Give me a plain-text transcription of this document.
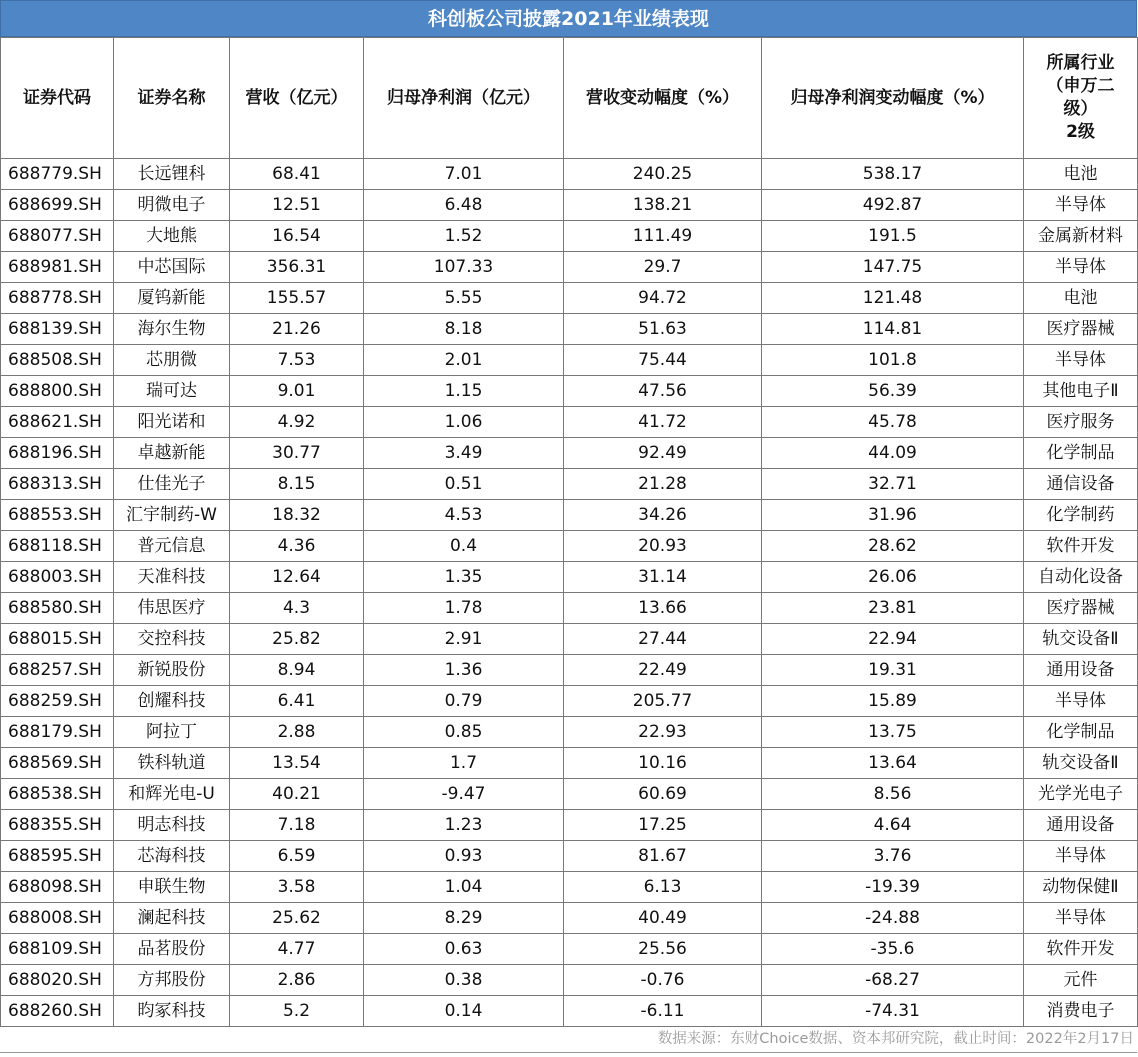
科创板公司披露2021年业绩表现
证券代码	证券名称	营收（亿元）	归母净利润（亿元）	营收变动幅度（%）	归母净利润变动幅度（%）	所属行业（申万二级）
2级

688779.SH	长远锂科	68.41	7.01	240.25	538.17	电池
688699.SH	明微电子	12.51	6.48	138.21	492.87	半导体
688077.SH	大地熊	16.54	1.52	111.49	191.5	金属新材料
688981.SH	中芯国际	356.31	107.33	29.7	147.75	半导体
688778.SH	厦钨新能	155.57	5.55	94.72	121.48	电池
688139.SH	海尔生物	21.26	8.18	51.63	114.81	医疗器械
688508.SH	芯朋微	7.53	2.01	75.44	101.8	半导体
688800.SH	瑞可达	9.01	1.15	47.56	56.39	其他电子Ⅱ
688621.SH	阳光诺和	4.92	1.06	41.72	45.78	医疗服务
688196.SH	卓越新能	30.77	3.49	92.49	44.09	化学制品
688313.SH	仕佳光子	8.15	0.51	21.28	32.71	通信设备
688553.SH	汇宇制药-W	18.32	4.53	34.26	31.96	化学制药
688118.SH	普元信息	4.36	0.4	20.93	28.62	软件开发
688003.SH	天准科技	12.64	1.35	31.14	26.06	自动化设备
688580.SH	伟思医疗	4.3	1.78	13.66	23.81	医疗器械
688015.SH	交控科技	25.82	2.91	27.44	22.94	轨交设备Ⅱ
688257.SH	新锐股份	8.94	1.36	22.49	19.31	通用设备
688259.SH	创耀科技	6.41	0.79	205.77	15.89	半导体
688179.SH	阿拉丁	2.88	0.85	22.93	13.75	化学制品
688569.SH	铁科轨道	13.54	1.7	10.16	13.64	轨交设备Ⅱ
688538.SH	和辉光电-U	40.21	-9.47	60.69	8.56	光学光电子
688355.SH	明志科技	7.18	1.23	17.25	4.64	通用设备
688595.SH	芯海科技	6.59	0.93	81.67	3.76	半导体
688098.SH	申联生物	3.58	1.04	6.13	-19.39	动物保健Ⅱ
688008.SH	澜起科技	25.62	8.29	40.49	-24.88	半导体
688109.SH	品茗股份	4.77	0.63	25.56	-35.6	软件开发
688020.SH	方邦股份	2.86	0.38	-0.76	-68.27	元件
688260.SH	昀冢科技	5.2	0.14	-6.11	-74.31	消费电子
数据来源：东财Choice数据、资本邦研究院，截止时间：2022年2月17日
